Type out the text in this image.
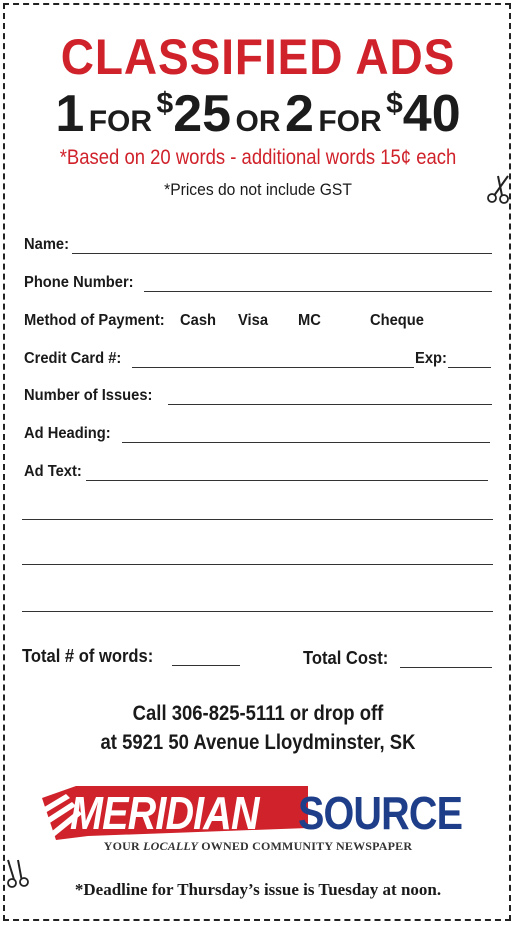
CLASSIFIED ADS
1 FOR $25 OR 2 FOR $40
*Based on 20 words - additional words 15¢ each
*Prices do not include GST
Name:
Phone Number:
Method of Payment: Cash Visa MC	Cheque
Credit Card #:	Exp:
Number of Issues:
Ad Heading:
Ad Text:
Total # of words:	Total Cost:
Call 306-825-5111 or drop off
at 5921 50 Avenue Lloydminster, SK
MERIDIAN SOURCE
YOUR LOCALLY OWNED COMMUNITY NEWSPAPER
*Deadline for Thursday’s issue is Tuesday at noon.
